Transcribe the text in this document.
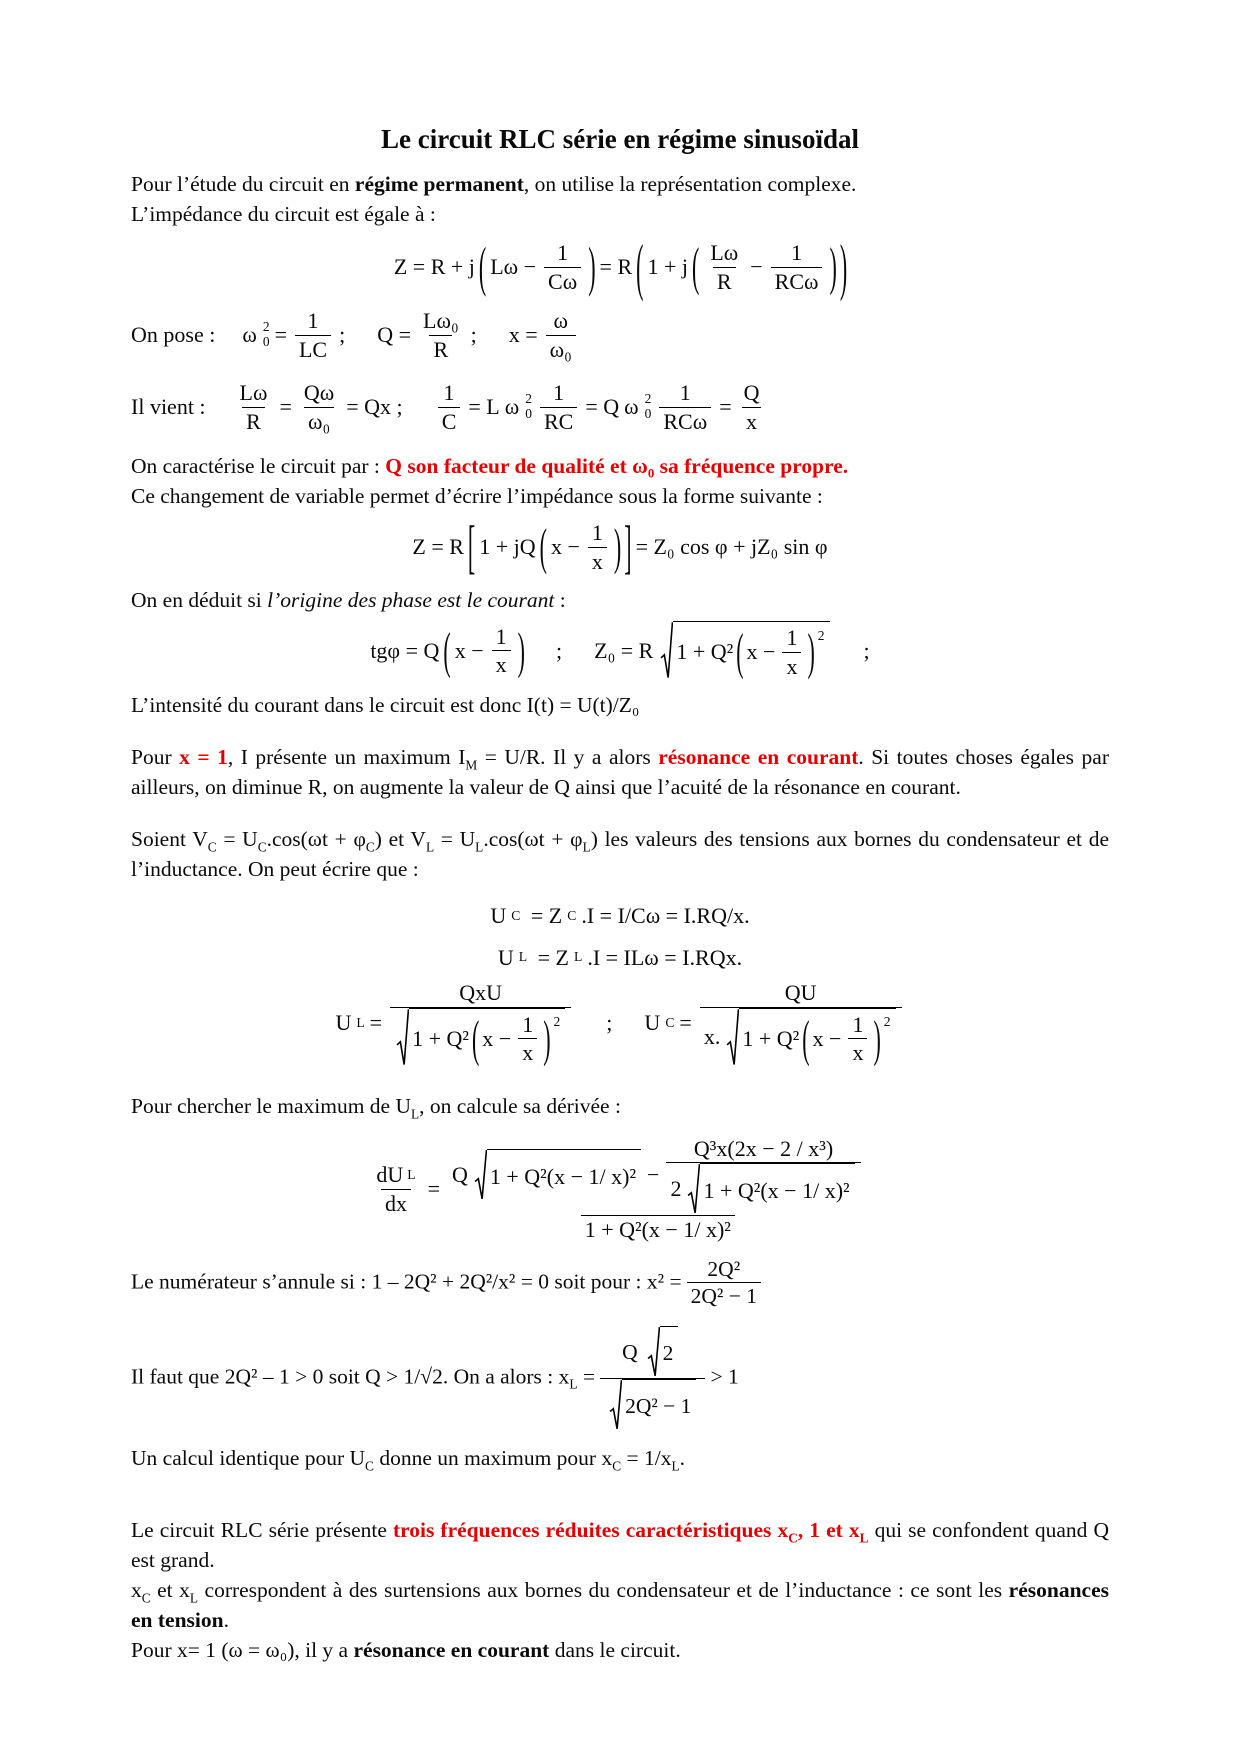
Le circuit RLC série en régime sinusoïdal

Pour l’étude du circuit en régime permanent, on utilise la représentation complexe.

L’impédance du circuit est égale à :

Z = R + j ( $L\omega - \frac{1}{C\omega}$ ) = R ( 1 + j ( $\frac{L\omega}{R} - \frac{1}{\text{RCω}}$ ) )
On pose : ω 2
$0 = \frac{1}{LC}$ ; $Q = \frac{\text{Lω₀}}{R}$ ; $x = \frac{\omega}{\text{ω₀}}$
Il vient : $\frac{L\omega}{R} = \frac{Q\omega}{\text{ω₀}} = Qx$ ; $\frac{1}{C} = L$ ω 2
$0 \frac{1}{RC} = Q$ ω 2
$0 \frac{1}{\text{RCω}} = \frac{Q}{x}$

On caractérise le circuit par : Q son facteur de qualité et ω₀ sa fréquence propre.

Ce changement de variable permet d’écrire l’impédance sous la forme suivante :

Z = R [ 1 + jQ ( $x - \frac{1}{x}$ ) ] = Z₀ cos φ + jZ₀ sin φ

On en déduit si l’origine des phase est le courant :

tgφ = Q ( $x - \frac{1}{x}$ ) ; Z₀ = R 1 + Q² ( $x - \frac{1}{x}$ ) 2
;

L’intensité du courant dans le circuit est donc I(t) = U(t)/Z₀

Pour x = 1, I présente un maximum $I_M = U/R$. Il y a alors résonance en courant. Si toutes choses égales par ailleurs, on diminue R, on augmente la valeur de Q ainsi que l’acuité de la résonance en courant.

Soient $V_C = U_C.\cos(\omega t + \varphi_C)$ et $V_L = U_L.\cos(\omega t + \varphi_L)$ les valeurs des tensions aux bornes du condensateur et de l’inductance. On peut écrire que :

U C = Z C .I = I/Cω = I.RQ/x.
U L = Z L .I = ILω = I.RQx.
U L =
QxU
1 + Q² ( $x - \frac{1}{x}$ ) 2 ; U C =
QU
x. 1 + Q² ( $x - \frac{1}{x}$ ) 2

Pour chercher le maximum de $U_L$, on calcule sa dérivée :

$\frac{\text{dU L}}{dx}$ =
Q 1 + Q²(x − 1/ x)² −
Q³x(2x − 2 / x³)
2 1 + Q²(x − 1/ x)²
1 + Q²(x − 1/ x)²

Le numérateur s’annule si : 1 – 2Q² + 2Q²/x² = 0 soit pour : $x^2 = \frac{\text{2Q²}}{\text{2Q² − 1}}$

Il faut que 2Q² – 1 > 0 soit Q > 1/√2. On a alors : $x_L = \frac{Q 2}{\text{2Q² − 1}} > 1$

Un calcul identique pour $U_C$ donne un maximum pour $x_C = 1/x_L$.

Le circuit RLC série présente trois fréquences réduites caractéristiques $x_C$, 1 et $x_L$ qui se confondent quand Q est grand.

$x_C$ et $x_L$ correspondent à des surtensions aux bornes du condensateur et de l’inductance : ce sont les résonances en tension.

Pour x= 1 (ω = ω₀), il y a résonance en courant dans le circuit.
